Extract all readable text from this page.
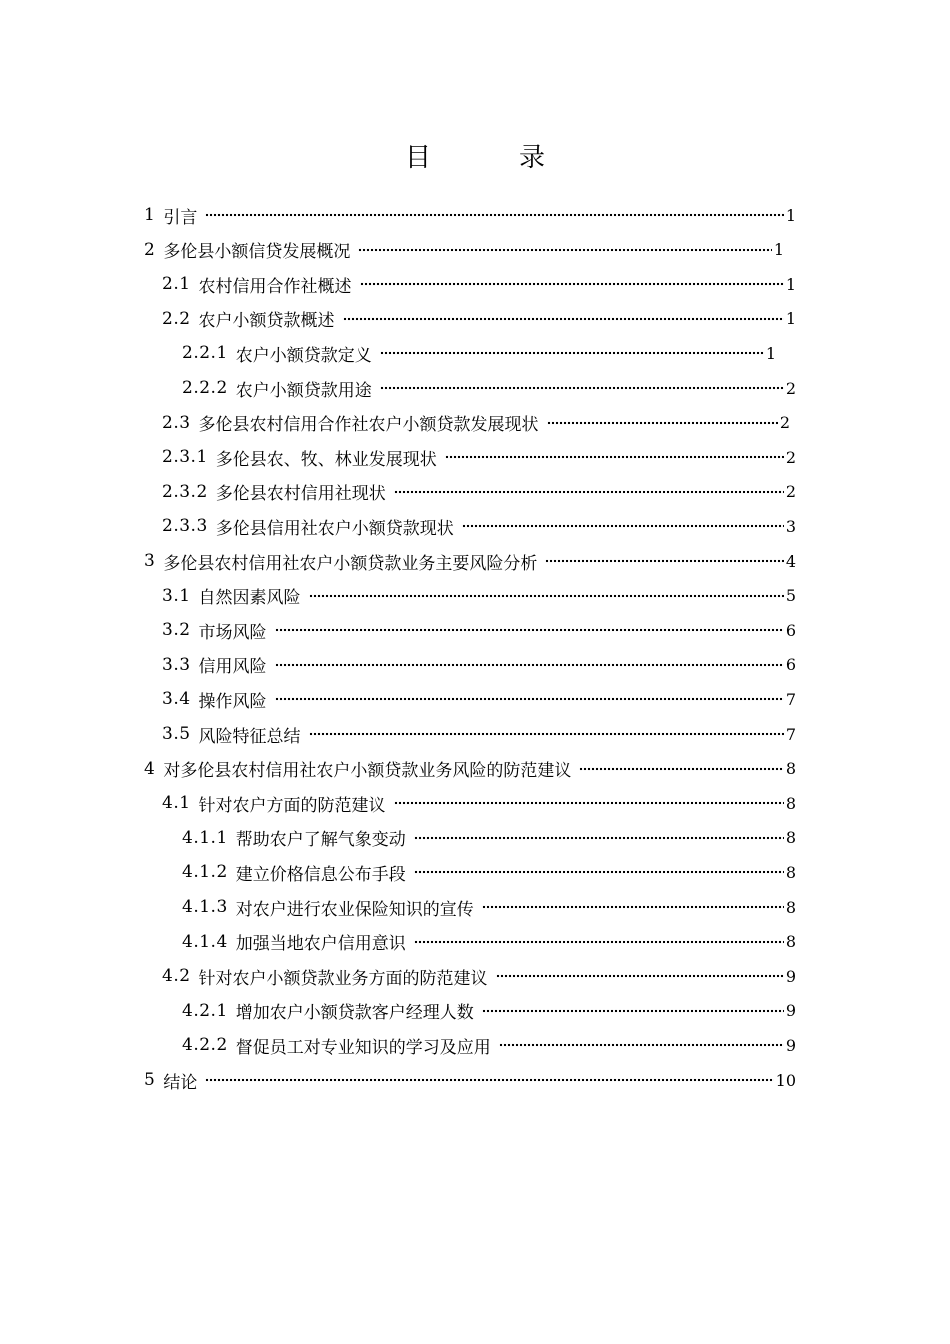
目	录
1 引言	1
2 多伦县小额信贷发展概况	1
2.1 农村信用合作社概述	1
2.2 农户小额贷款概述	1
2.2.1 农户小额贷款定义	1
2.2.2 农户小额贷款用途	2
2.3 多伦县农村信用合作社农户小额贷款发展现状	2
2.3.1 多伦县农、牧、林业发展现状	2
2.3.2 多伦县农村信用社现状	2
2.3.3 多伦县信用社农户小额贷款现状	3
3 多伦县农村信用社农户小额贷款业务主要风险分析	4
3.1 自然因素风险	5
3.2 市场风险	6
3.3 信用风险	6
3.4 操作风险	7
3.5 风险特征总结	7
4 对多伦县农村信用社农户小额贷款业务风险的防范建议	8
4.1 针对农户方面的防范建议	8
4.1.1 帮助农户了解气象变动	8
4.1.2 建立价格信息公布手段	8
4.1.3 对农户进行农业保险知识的宣传	8
4.1.4 加强当地农户信用意识	8
4.2 针对农户小额贷款业务方面的防范建议	9
4.2.1 增加农户小额贷款客户经理人数	9
4.2.2 督促员工对专业知识的学习及应用	9
5 结论	10
